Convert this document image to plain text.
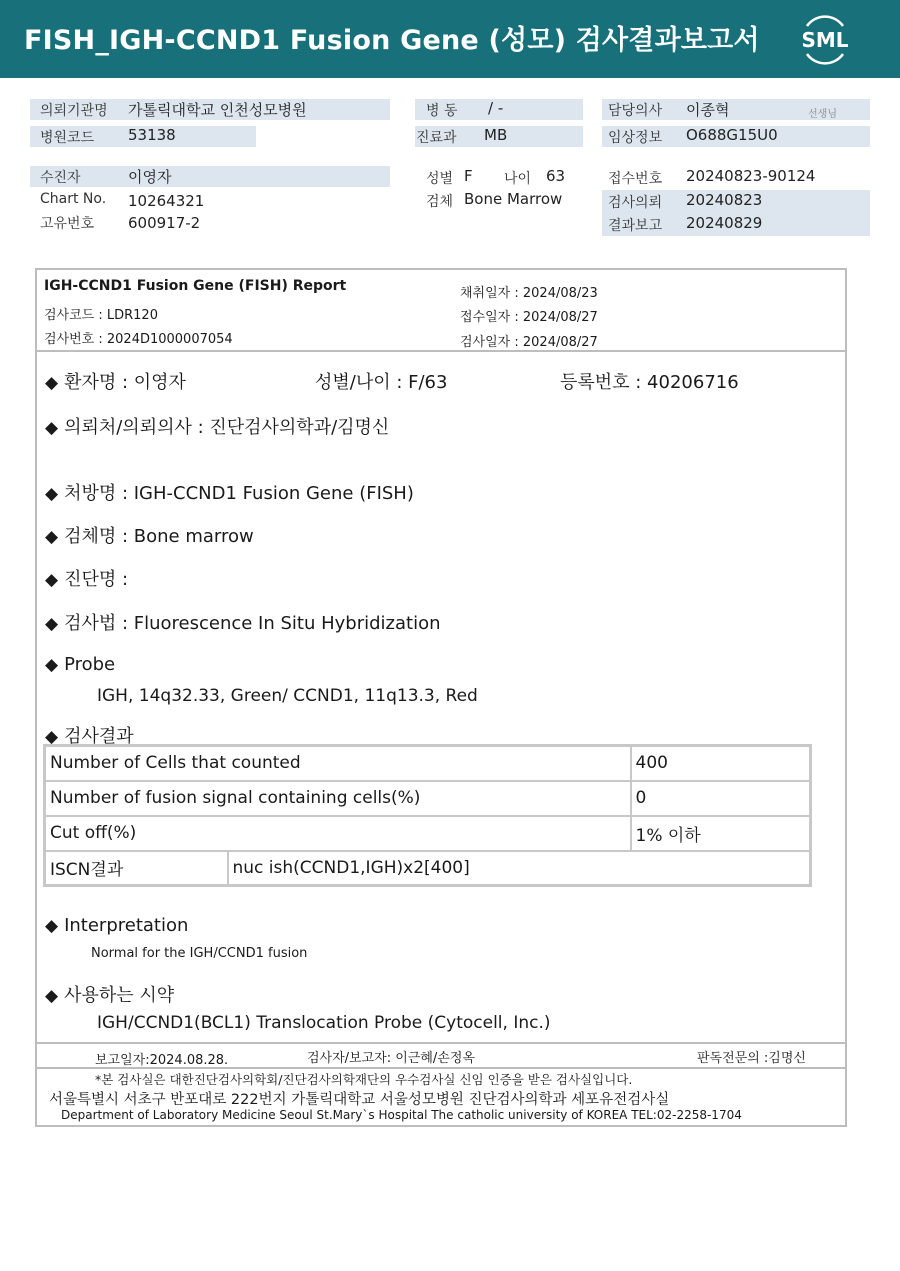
FISH_IGH-CCND1 Fusion Gene (성모) 검사결과보고서 SML
의뢰기관명 가톨릭대학교 인천성모병원	병 동 / -	담당의사 이종혁	선생님
병원코드 53138	진료과 MB	임상정보 O688G15U0
수진자	이영자	성별 F 나이 63	접수번호 20240823-90124
Chart No. 10264321	검체 Bone Marrow	검사의뢰 20240823
고유번호 600917-2	결과보고 20240829
IGH-CCND1 Fusion Gene (FISH) Report
검사코드 : LDR120
검사번호 : 2024D1000007054
채취일자 : 2024/08/23
접수일자 : 2024/08/27
검사일자 : 2024/08/27
◆ 환자명 : 이영자	성별/나이 : F/63	등록번호 : 40206716
◆ 의뢰처/의뢰의사 : 진단검사의학과/김명신
◆ 처방명 : IGH-CCND1 Fusion Gene (FISH)
◆ 검체명 : Bone marrow
◆ 진단명 :
◆ 검사법 : Fluorescence In Situ Hybridization
◆ Probe
IGH, 14q32.33, Green/ CCND1, 11q13.3, Red
◆ 검사결과
Number of Cells that counted		400
Number of fusion signal containing cells(%)		0
Cut off(%)		1% 이하
ISCN결과	nuc ish(CCND1,IGH)x2[400]	
◆ Interpretation
Normal for the IGH/CCND1 fusion
◆ 사용하는 시약
IGH/CCND1(BCL1) Translocation Probe (Cytocell, Inc.)
보고일자:2024.08.28.	검사자/보고자: 이근혜/손정옥	판독전문의 :김명신
*본 검사실은 대한진단검사의학회/진단검사의학재단의 우수검사실 신임 인증을 받은 검사실입니다.
서울특별시 서초구 반포대로 222번지 가톨릭대학교 서울성모병원 진단검사의학과 세포유전검사실
Department of Laboratory Medicine Seoul St.Mary`s Hospital The catholic university of KOREA TEL:02-2258-1704
